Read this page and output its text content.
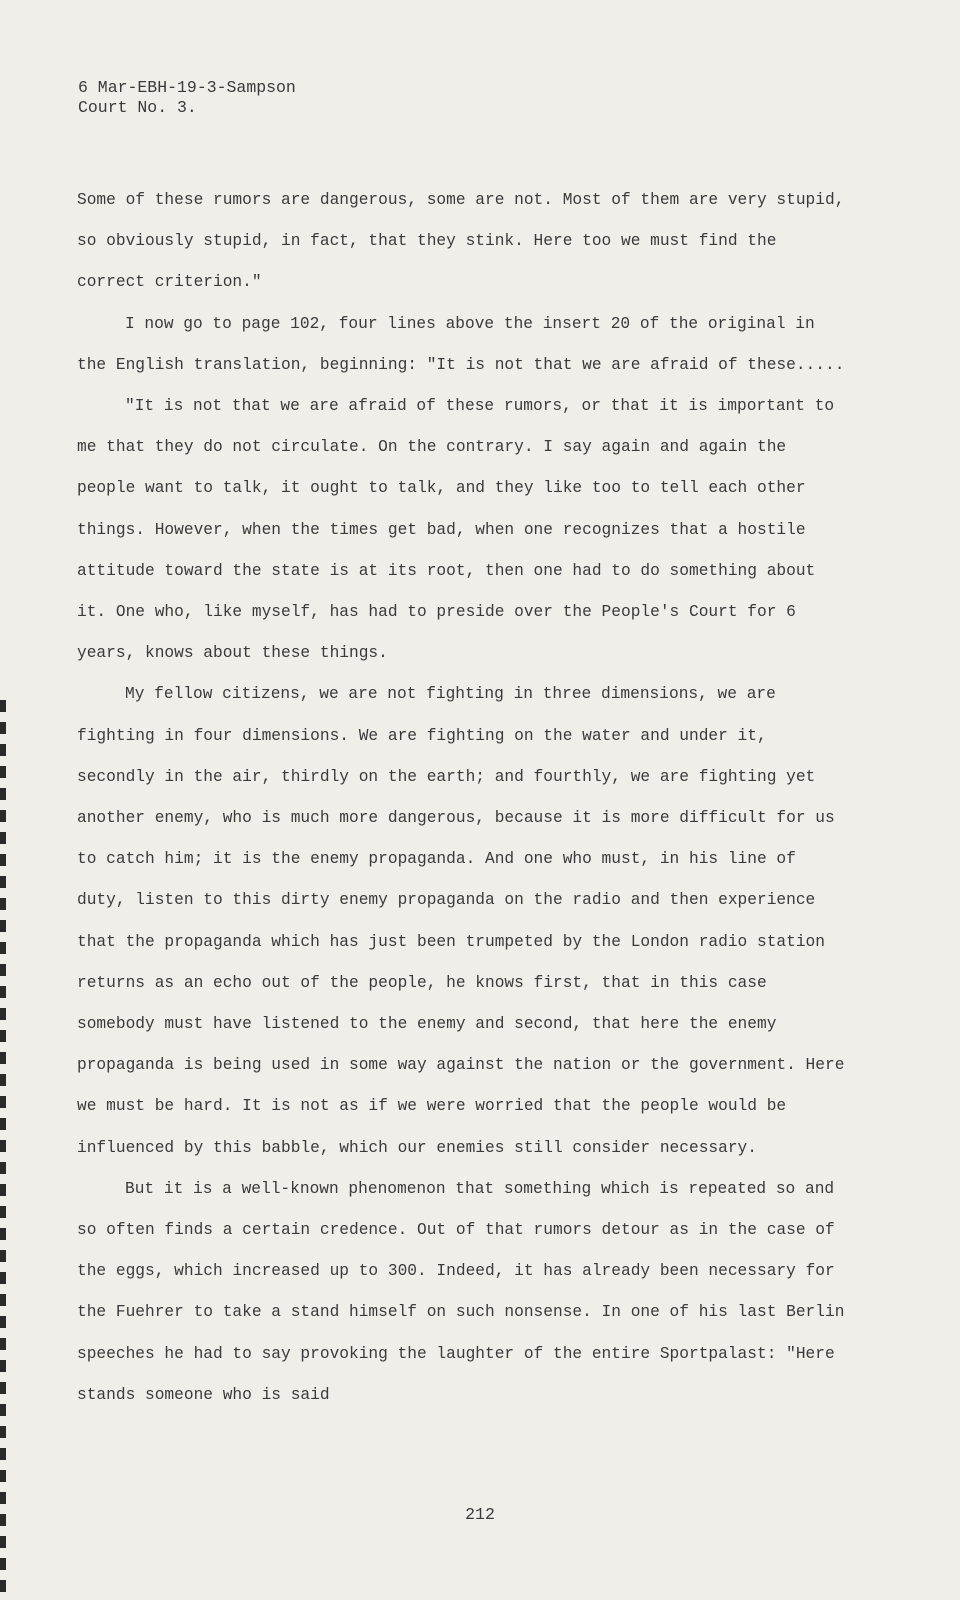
6 Mar-EBH-19-3-Sampson
Court No. 3.

Some of these rumors are dangerous, some are not. Most of them are very stupid, so obviously stupid, in fact, that they stink. Here too we must find the correct criterion."

I now go to page 102, four lines above the insert 20 of the original in the English translation, beginning: "It is not that we are afraid of these.....

"It is not that we are afraid of these rumors, or that it is important to me that they do not circulate. On the contrary. I say again and again the people want to talk, it ought to talk, and they like too to tell each other things. However, when the times get bad, when one recognizes that a hostile attitude toward the state is at its root, then one had to do something about it. One who, like myself, has had to preside over the People's Court for 6 years, knows about these things.

My fellow citizens, we are not fighting in three dimensions, we are fighting in four dimensions. We are fighting on the water and under it, secondly in the air, thirdly on the earth; and fourthly, we are fighting yet another enemy, who is much more dangerous, because it is more difficult for us to catch him; it is the enemy propaganda. And one who must, in his line of duty, listen to this dirty enemy propaganda on the radio and then experience that the propaganda which has just been trumpeted by the London radio station returns as an echo out of the people, he knows first, that in this case somebody must have listened to the enemy and second, that here the enemy propaganda is being used in some way against the nation or the government. Here we must be hard. It is not as if we were worried that the people would be influenced by this babble, which our enemies still consider necessary.

But it is a well-known phenomenon that something which is repeated so and so often finds a certain credence. Out of that rumors detour as in the case of the eggs, which increased up to 300. Indeed, it has already been necessary for the Fuehrer to take a stand himself on such nonsense. In one of his last Berlin speeches he had to say provoking the laughter of the entire Sportpalast: "Here stands someone who is said

212
